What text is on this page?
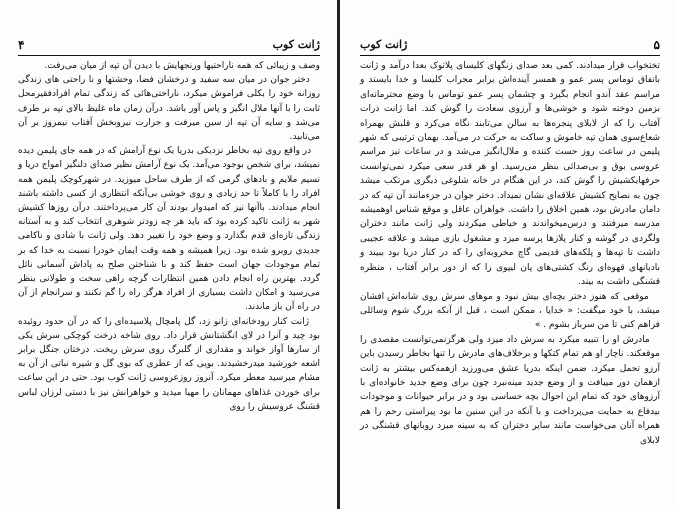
ژانت کوب
۴
وصف و زیبائی که همه ناراحتیها ورنجهایش با دیدن آن تپه از میان می‌رفت.
دختر جوان در میان سه سفید و درخشان فضا، وحشتها و نا راحتی های زندگی روزانه خود را بکلی فراموش میکرد، ناراحتی‌هائی که زندگی تمام افرادفقیرمحل ثابت را با آنها ملال انگیز و پاس آور باشد. درآن زمان ماه غلیظ بالای تپه بر طرف می‌شد و سایه آن تپه از سین میرفت و حرارت نیروبخش آفتاب نیمروز بر آن می‌تابید.
در واقع روی تپه بخاطر نزدیکی بدریا یک نوع آرامش که در همه جای پلیمن دیده نمیشد، برای شخص بوجود می‌آمد. یک نوع آرامش نظیر صدای دلنگیز امواج دریا و نسیم ملایم و بادهای گرمی که از طرف ساحل میوزید. در شهرکوچک پلیمن همه افراد را با کاملاً تا حد زیادی و روی خوشی بی‌آنکه انتظاری از کسی داشته باشند انجام میدادند. باآنها نیز که امیدوار بودند آن کار می‌پرداختند. درآن روزها کشیش شهر به ژانت تاکید کرده بود که باید هر چه زودتر شوهری انتخاب کند و به آستانه زندگی تازه‌ای قدم بگذارد و وضع خود را تغییر دهد. ولی ژانت با شادی و ناکامی جدیدی روبرو شده بود. زیرا همیشه و همه وقت ایمان خودرا نسبت به خدا که بر تمام موجودات جهان است حفظ کند و با شناختن صلح به پاداش آسمانی نائل گردد. بهترین راه انجام دادن همین انتظارات گرچه راهی سخت و طولانی بنظر می‌رسید و امکان داشت بسیاری از افراد هرگز راه را گم نکنند و سرانجام از آن در راه آن باز ماندند.
ژانت کنار رودخانه‌ای زانو زد، گل پامچال پلاسیده‌ای را که در آن حدود روئیده بود چید و آنرا در لای انگشتانش قرار داد. روی شاخه درخت کوچکی سرش یکی از سارها آواز خواند و مقداری از گلبرگ روی سرش ریخت. درختان جنگل برابر اشعه خورشید میدرخشیدند. بویی که از عطری که بوی گل و شیره نباتی از آن به مشام میرسید معطر میکرد. آنروز روزعروسی ژانت کوب بود. حتی در این ساعت برای خوردن غذاهای مهمانان را مهیا میدید و خواهرانش نیز با دستی لرزان لباس قشنگ عروسیش را روی
ژانت کوب	۵
تختخواب قرار میدادند. کمی بعد صدای زنگهای کلیسای پلاتوک بعدا درآمد و ژانت باتفاق توماس پسر عمو و همسر آینده‌اش برابر محراب کلیسا و خدا بایستد و مراسم عقد آندو انجام بگیرد و چشمان پسر عمو توماس با وضع محترمانه‌ای بزمین دوخته شود و خوشی‌ها و آرزوی سعادت را گوش کند. اما ژانت ذرات آفتاب را که از لابلای پنجره‌ها به سالن می‌تابند نگاه می‌کرد و قلبش بهمراه شعاع‌سوی همان تپه خاموش و ساکت به حرکت در می‌آمد. بهمان ترتیبی که شهر پلیمن در ساعت روز حست کننده و ملال‌انگیز می‌شد و در ساعات تیز مراسم عروسی بوق و بی‌صدائی بنظر می‌رسید. او هر قدر سعی میکرد نمی‌توانست حرفهایکشیش را گوش کند، در این هنگام در خانه شلوغی دیگری مرتکب میشد چون به نصایح کشیش علاقه‌ای نشان نمیداد. دختر جوان در جزء‌مانند آن تپه که در دامان مادرش بود، همین اخلاق را داشت. خواهران عاقل و موقع شناس اوهمیشه مدرسه میرفتند و درس‌میخواندند و خیاطی میکردند ولی ژانت مانند دختران ولگردی در گوشه و کنار پلازها پرسه میزد و مشغول بازی میشد و علاقه عجیبی داشت تا تپه‌ها و پلکه‌های قدیمی گاچ مخروبه‌ای را که در کنار دریا بود ببیند و بادبانهای قهوه‌ای رنگ کشتی‌های پان لیپوی را که از دور برابر آفتاب ، منظره قشنگی داشت به بیند.
موقعی که هنوز دختر بچه‌ای بیش نبود و موهای سرش روی شانه‌اش افشان میشد، با خود میگفت: « خدایا ، ممکن است ، قبل از آنکه بزرگ شوم وسائلی فراهم کنی تا من سرباز بشوم . »
مادرش او را تنبیه میکرد به سرش داد میزد ولی هرگزنمی‌توانست مقصدی را موقعکند. ناچار او هم تمام کتکها و برخلاف‌های مادرش را تنها بخاطر رسیدن باین آرزو تحمل میکرد. ضمن اینکه بدریا عشق می‌ورزید ازهمه‌کس بیشتر به ژانت ازهمان دور مییافت و از وضع جدید مینه‌نبرد چون برای وضع جدید خانواده‌ای با آرزوهای خود که تمام این احوال بچه حساسی بود و در برابر حیوانات و موجودات بیدفاع به حمایت می‌پرداخت و با آنکه در این سنین ما بود پیراستی رحم را هم همراه آنان می‌خواست مانند سایر دختران که به سینه میزد روبانهای قشنگی در لابلای
